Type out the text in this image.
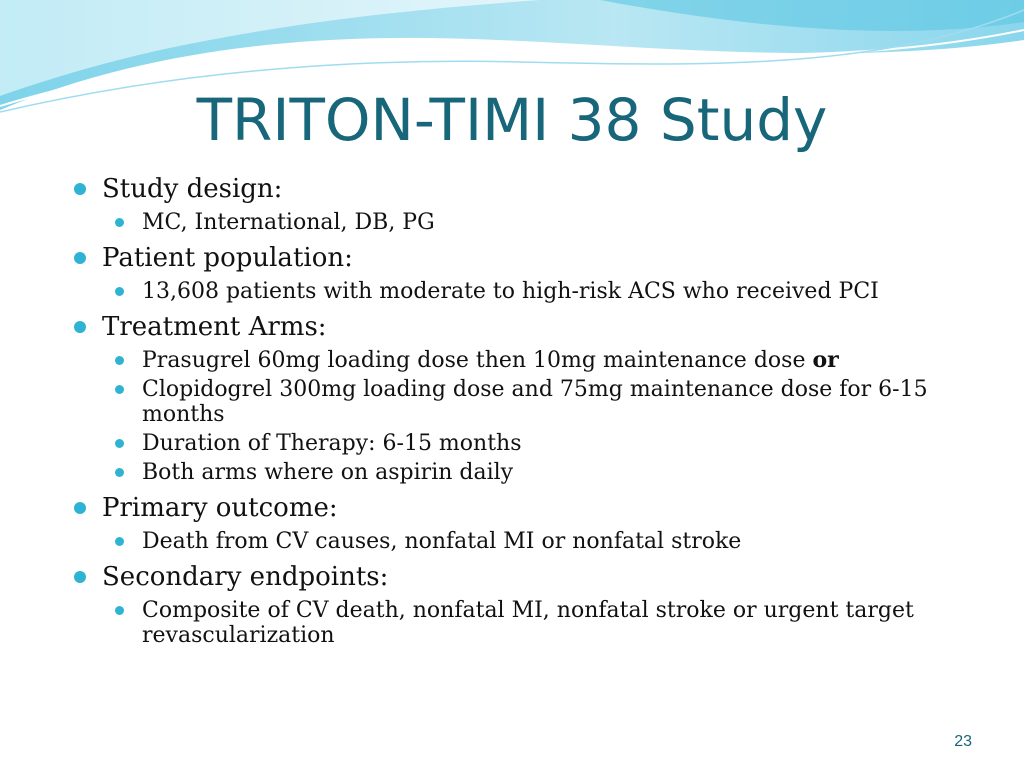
TRITON-TIMI 38 Study
Study design:
MC, International, DB, PG
Patient population:
13,608 patients with moderate to high-risk ACS who received PCI
Treatment Arms:
Prasugrel 60mg loading dose then 10mg maintenance dose or
Clopidogrel 300mg loading dose and 75mg maintenance dose for 6-15 months
Duration of Therapy: 6-15 months
Both arms where on aspirin daily
Primary outcome:
Death from CV causes, nonfatal MI or nonfatal stroke
Secondary endpoints:
Composite of CV death, nonfatal MI, nonfatal stroke or urgent target revascularization
23
